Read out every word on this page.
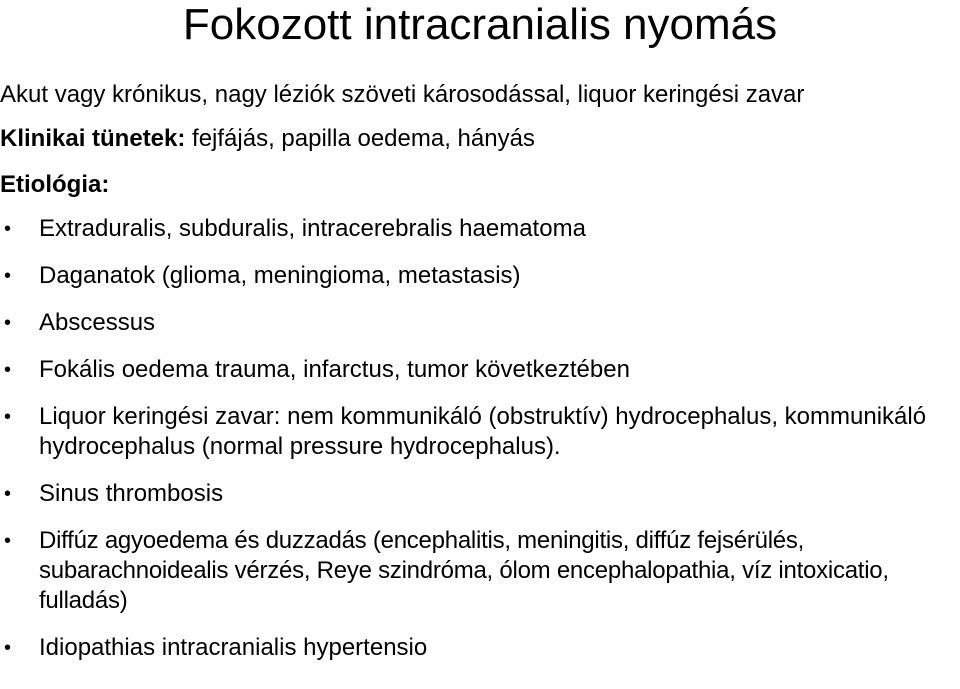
Fokozott intracranialis nyomás
Akut vagy krónikus, nagy léziók szöveti károsodással, liquor keringési zavar
Klinikai tünetek: fejfájás, papilla oedema, hányás
Etiológia:
• Extraduralis, subduralis, intracerebralis haematoma
• Daganatok (glioma, meningioma, metastasis)
• Abscessus
• Fokális oedema trauma, infarctus, tumor következtében
• Liquor keringési zavar: nem kommunikáló (obstruktív) hydrocephalus, kommunikáló hydrocephalus (normal pressure hydrocephalus).
• Sinus thrombosis
• Diffúz agyoedema és duzzadás (encephalitis, meningitis, diffúz fejsérülés, subarachnoidealis vérzés, Reye szindróma, ólom encephalopathia, víz intoxicatio, fulladás)
• Idiopathias intracranialis hypertensio
